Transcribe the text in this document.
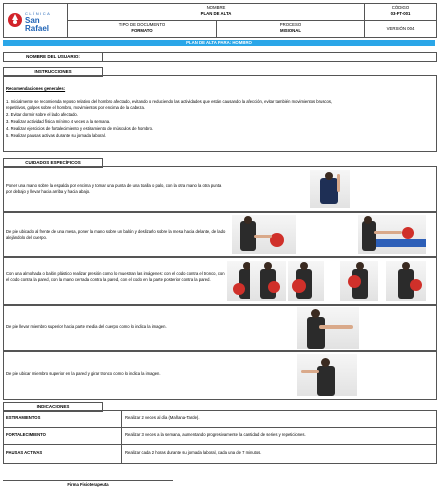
CLÍNICA
San
Rafael
NOMBRE
PLAN DE ALTA
CÓDIGO
03-FT-001
TIPO DE DOCUMENTO
FORMATO
PROCESO
MISIONAL	VERSIÓN 004
PLAN DE ALTA PARA: HOMBRO
NOMBRE DEL USUARIO:
INSTRUCCIONES
Recomendaciones generales:
1. Inicialmente se recomienda reposo relativo del hombro afectado, evitando o reduciendo las actividades que están causando la afección, evitar también movimientos bruscos,
repetitivos, golpes sobre el hombro, movimientos por encima de la cabeza.
2. Evitar dormir sobre el lado afectado.
3. Realizar actividad física mínimo 4 veces a la semana.
4. Realizar ejercicios de fortalecimiento y estiramiento de músculos de hombro.
5. Realizar pausas activas durante su jornada laboral.
CUIDADOS ESPECÍFICOS
Poner una mano sobre la espalda por encima y tomar una punta de una toalla o palo, con la otra mano la otra punta por debajo y llevar hacia arriba y hacia abajo.
De pie ubicado al frente de una mesa, poner la mano sobre un balón y deslizarlo sobre la mesa hacia delante, de lado alejándolo del cuerpo.
Con una almohada o balón plástico realizar presión como lo muestran las imágenes: con el codo contra el tronco, con el codo contra la pared, con la mano cerrada contra la pared, con el codo en la parte posterior contra la pared.
De pie llevar miembro superior hacia parte media del cuerpo como lo indica la imagen.
De pie ubicar miembro superior en la pared y girar tronco como lo indica la imagen.
INDICACIONES
ESTIRAMIENTOS	Realizar 2 veces al día (Mañana-Tarde).
FORTALECIMIENTO	Realizar 3 veces a la semana, aumentando progresivamente la cantidad de series y repeticiones.
PAUSAS ACTIVAS	Realizar cada 2 horas durante su jornada laboral, cada una de 7 minutos.
Firma Fisioterapeuta
